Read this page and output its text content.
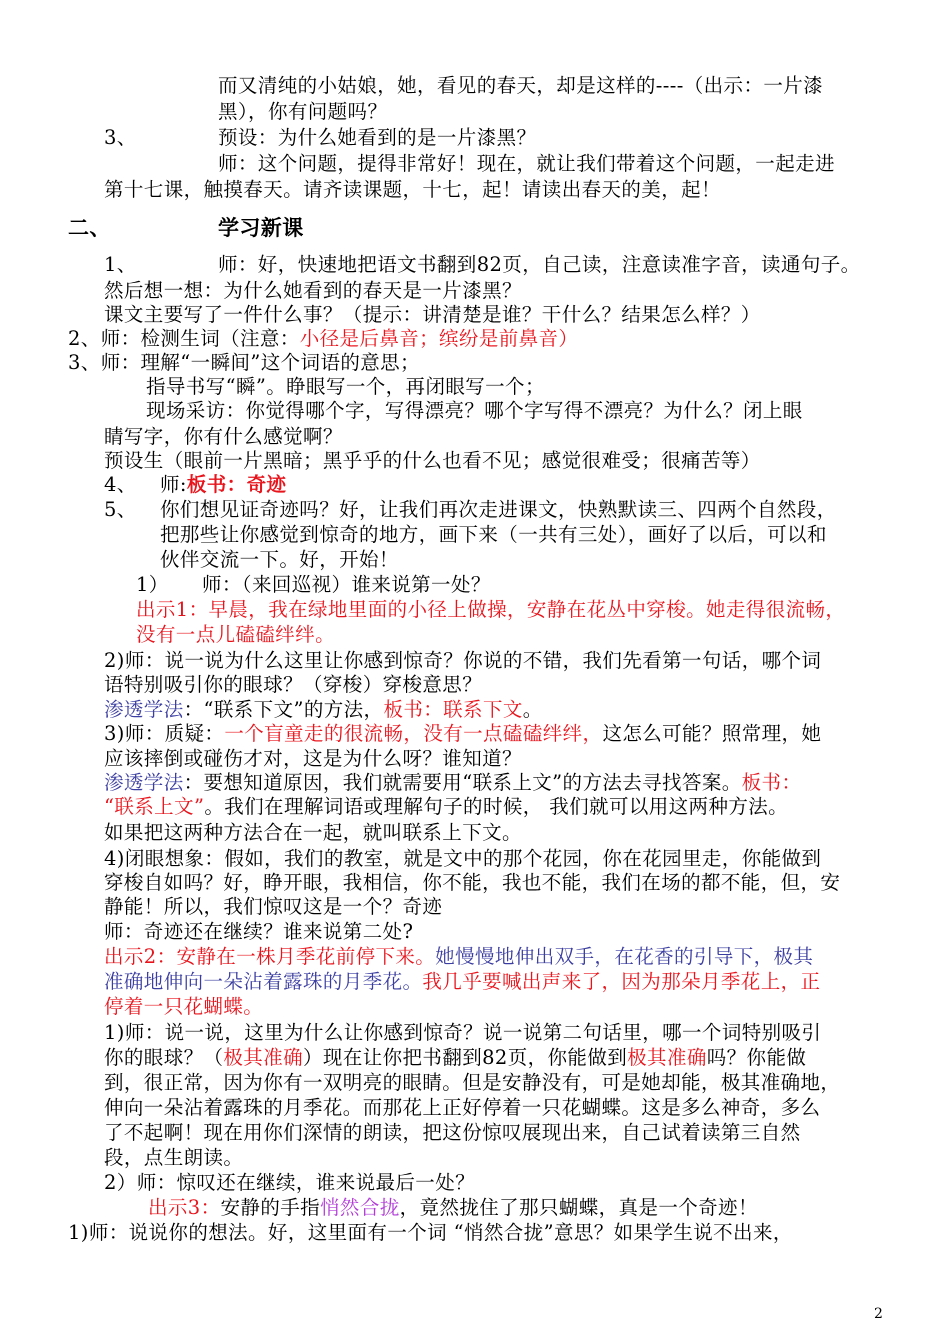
而又清纯的小姑娘，她，看见的春天，却是这样的----（出示：一片漆
黑），你有问题吗？
3、	预设：为什么她看到的是一片漆黑？
师：这个问题，提得非常好！现在，就让我们带着这个问题，一起走进
第十七课，触摸春天。请齐读课题，十七，起！请读出春天的美，起！
二、	学习新课
1、	师：好，快速地把语文书翻到82页，自己读，注意读准字音，读通句子。
然后想一想：为什么她看到的春天是一片漆黑？
课文主要写了一件什么事？（提示：讲清楚是谁？干什么？结果怎么样？）
2、师：检测生词（注意：小径是后鼻音；缤纷是前鼻音）
3、师：理解“一瞬间”这个词语的意思；
指导书写“瞬”。睁眼写一个，再闭眼写一个；
现场采访：你觉得哪个字，写得漂亮？哪个字写得不漂亮？为什么？闭上眼
睛写字，你有什么感觉啊？
预设生（眼前一片黑暗；黑乎乎的什么也看不见；感觉很难受；很痛苦等）
4、 师:板书：奇迹
5、 你们想见证奇迹吗？好，让我们再次走进课文，快熟默读三、四两个自然段，
把那些让你感觉到惊奇的地方，画下来（一共有三处），画好了以后，可以和
伙伴交流一下。好，开始！
1） 师：（来回巡视）谁来说第一处？
出示1：早晨，我在绿地里面的小径上做操，安静在花丛中穿梭。她走得很流畅，
没有一点儿磕磕绊绊。
2)师：说一说为什么这里让你感到惊奇？你说的不错，我们先看第一句话，哪个词
语特别吸引你的眼球？（穿梭）穿梭意思？
渗透学法：“联系下文”的方法，板书：联系下文。
3)师：质疑：一个盲童走的很流畅，没有一点磕磕绊绊，这怎么可能？照常理，她
应该摔倒或碰伤才对，这是为什么呀？谁知道？
渗透学法：要想知道原因，我们就需要用“联系上文”的方法去寻找答案。板书：
“联系上文”。我们在理解词语或理解句子的时候， 我们就可以用这两种方法。
如果把这两种方法合在一起，就叫联系上下文。
4)闭眼想象：假如，我们的教室，就是文中的那个花园，你在花园里走，你能做到
穿梭自如吗？好，睁开眼，我相信，你不能，我也不能，我们在场的都不能，但，安
静能！所以，我们惊叹这是一个？奇迹
师：奇迹还在继续？谁来说第二处?
出示2：安静在一株月季花前停下来。她慢慢地伸出双手，在花香的引导下，极其
准确地伸向一朵沾着露珠的月季花。我几乎要喊出声来了，因为那朵月季花上，正
停着一只花蝴蝶。
1)师：说一说，这里为什么让你感到惊奇？说一说第二句话里，哪一个词特别吸引
你的眼球？（极其准确）现在让你把书翻到82页，你能做到极其准确吗？你能做
到，很正常，因为你有一双明亮的眼睛。但是安静没有，可是她却能，极其准确地，
伸向一朵沾着露珠的月季花。而那花上正好停着一只花蝴蝶。这是多么神奇，多么
了不起啊！现在用你们深情的朗读，把这份惊叹展现出来，自己试着读第三自然
段，点生朗读。
2）师：惊叹还在继续，谁来说最后一处？
出示3：安静的手指悄然合拢，竟然拢住了那只蝴蝶，真是一个奇迹！
1)师：说说你的想法。好，这里面有一个词 “悄然合拢”意思？如果学生说不出来，
2
